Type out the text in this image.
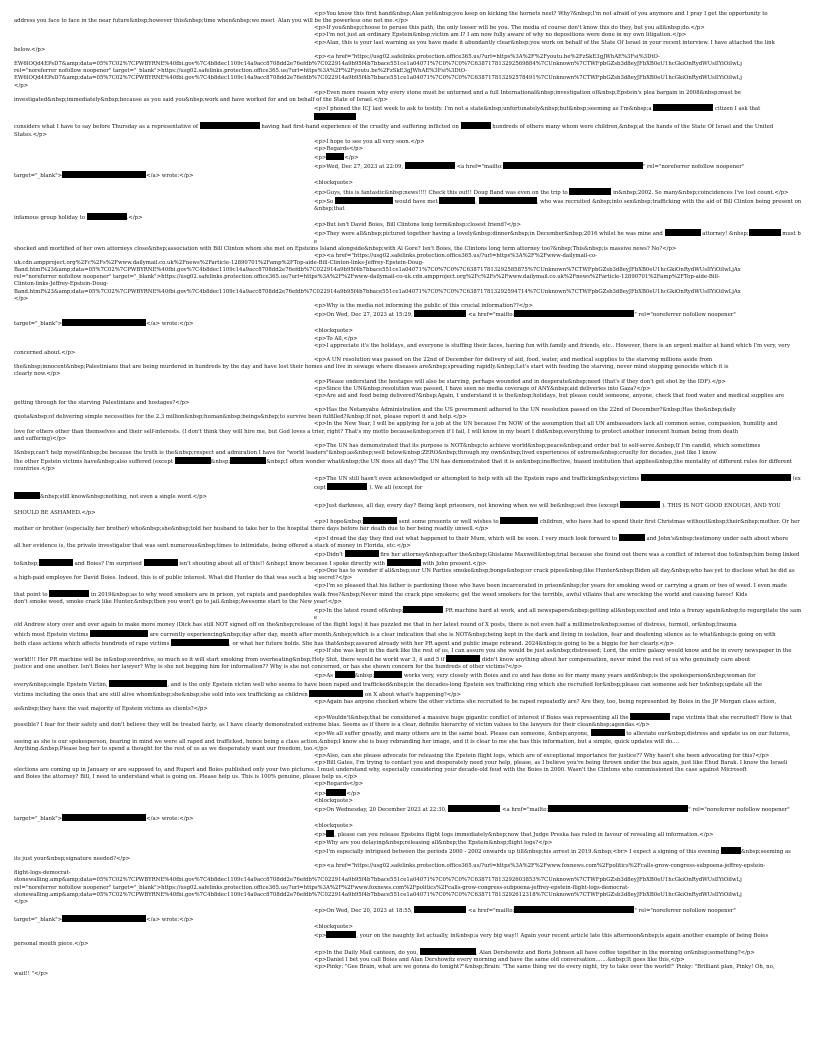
<p>You know this first hand&nbsp;Alan yet&nbsp;you keep on kicking the hornets nest? Why?&nbsp;I'm not afraid of you anymore and I pray I get the opportunity to
address you face to face in the near future&nbsp;however this&nbsp;time when&nbsp;we meet  Alan you will be the powerless one not me.</p>
<p>If you&nbsp;choose to peruse this path, the only looser will be you. The media of course don't know this do they, but you all&nbsp;do.</p>
<p>I'm not just an ordinary Epstein&nbsp;victim am I? I am now fully aware of why no depositions were done in my own litigation.</p>
<p>Alan, this is your last warning as you have made it abundantly clear&nbsp;you work on behalf of the State Of Israel in your recent interview. I have attached the link
below.</p>
<p><a href="https://usg02.safelinks.protection.office365.us/?url=https%3A%2F%2Fyoutu.be%2FzSkE3gJWhAE%3Fsi%3DtO-
EW6lOQd4EPsD7&amp;data=05%7C02%7CPWBYRNE%40fbi.gov%7C4b8dec1109c14a9acc8708dd2e76efdb%7C022914a9b95f4b7bbace551ce1a04071%7C0%7C0%7C638717813292569884%7CUnknown%7CTWFpbGZsb3d8eyJFbXB0eU1hcGkiOnRydWUsIlYiOiIwLj
rel="noreferrer nofollow noopener" target="_blank">https://usg02.safelinks.protection.office365.us/?url=https%3A%2F%2Fyoutu.be%2FzSkE3gJWhAE%3Fsi%3DtO-
EW6lOQd4EPsD7&amp;data=05%7C02%7CPWBYRNE%40fbi.gov%7C4b8dec1109c14a9acc8708dd2e76efdb%7C022914a9b95f4b7bbace551ce1a04071%7C0%7C0%7C638717813292578491%7CUnknown%7CTWFpbGZsb3d8eyJFbXB0eU1hcGkiOnRydWUsIlYiOiIwLj
</p>
<p>Even more reason why every stone must be unturned and a full International&nbsp;investigation of&nbsp;Epstein's plea bargain in 2008&nbsp;must be
investigated&nbsp;immediately&nbsp;because as you said you&nbsp;work and have worked for and on behalf of the State of Israel.</p>
<p>I phoned the ICJ last week to ask to testify. I'm not a state&nbsp;unfortunately&nbsp;but&nbsp;seeming as I'm&nbsp;a	citizen I ask that
considers what I have to say before Thursday as a representative of	having had first-hand experience of the cruelty and suffering inflicted on	hundreds of others many whom were children,&nbsp;at the hands of the State Of Israel and the United
States.</p>
<p>I hope to see you all very soon.</p>
<p>Regards</p>
<p>	</p>
<p>Wed, Dec 27, 2023 at 22:09,	<a href="mailto:	" rel="noreferrer nofollow noopener"
target="_blank">	</a> wrote:</p>
<blockquote>
<p>Guys, this is fantastic&nbsp;news!!!! Check this out!! Doug Band was even on the trip to	in&nbsp;2002. So many&nbsp;coincidences I've lost count.</p>
<p>So	would have met	,	, who was recruited &nbsp;into sex&nbsp;trafficking with the aid of Bill Clinton being present on&nbsp;that
infamous group holiday to	.</p>
<p>But isn't David Boies, Bill Clintons long term&nbsp;closest friend?</p>
<p>They were all&nbsp;pictured together having a lovely&nbsp;dinner&nbsp;in December&nbsp;2016 whilst he was mine and	attorney! &nbsp;	must be
shocked and mortified of her own attorneys close&nbsp;association with Bill Clinton whom she met on Epsteins Island alongside&nbsp;with Al Gore? Isn't Boies, the Clintons long term attorney too?&nbsp;This&nbsp;is massive news? No?</p>
<p><a href="https://usg02.safelinks.protection.office365.us/?url=https%3A%2F%2Fwww-dailymail-co-
uk.cdn.ampproject.org%2Fc%2Fs%2Fwww.dailymail.co.uk%2Fnews%2Farticle-12890701%2Famp%2FTop-aide-Bill-Clinton-links-Jeffrey-Epstein-Doug-
Band.html%23&amp;data=05%7C02%7CPWBYRNE%40fbi.gov%7C4b8dec1109c14a9acc8708dd2e76efdb%7C022914a9b95f4b7bbace551ce1a04071%7C0%7C0%7C638717813292585875%7CUnknown%7CTWFpbGZsb3d8eyJFbXB0eU1hcGkiOnRydWUsIlYiOiIwLjAx
rel="noreferrer nofollow noopener" target="_blank">https://usg02.safelinks.protection.office365.us/?url=https%3A%2F%2Fwww-dailymail-co-uk.cdn.ampproject.org%2Fc%2Fs%2Fwww.dailymail.co.uk%2Fnews%2Farticle-12890701%2Famp%2FTop-aide-Bill-
Clinton-links-Jeffrey-Epstein-Doug-
Band.html%23&amp;data=05%7C02%7CPWBYRNE%40fbi.gov%7C4b8dec1109c14a9acc8708dd2e76efdb%7C022914a9b95f4b7bbace551ce1a04071%7C0%7C0%7C638717813292594714%7CUnknown%7CTWFpbGZsb3d8eyJFbXB0eU1hcGkiOnRydWUsIlYiOiIwLjAx
</p>
<p>Why is the media not informing the public of this crucial information??</p>
<p>On Wed, Dec 27, 2023 at 15:29,	<a href="mailto:	" rel="noreferrer nofollow noopener"
target="_blank">	</a> wrote:</p>
<blockquote>
<p>To All,</p>
<p>I appreciate it's the holidays, and everyone is stuffing their faces, having fun with family and friends, etc.. However, there is an urgent matter at hand which I'm very, very
concerned about.</p>
<p>A UN resolution was passed on the 22nd of December for delivery of aid, food, water, and medical supplies to the starving millions aside from
the&nbsp;innocent&nbsp;Palestinians that are being murdered in hundreds by the day and have lost their homes and live in sewage where diseases are&nbsp;spreading rapidly.&nbsp;Let's start with feeding the starving, never mind stopping genocide which it is
clearly now.</p>
<p>Please understand the hostages will also be starving, perhaps wounded and in desperate&nbsp;need (that's if they don't get shot by the IDF).</p>
<p>Since the UN&nbsp;resolution was passed, I have seen no media coverage of ANY&nbsp;aid deliveries into Gaza?</p>
<p>Are aid and food being delivered?&nbsp;Again, I understand it is the&nbsp;holidays, but please could someone, anyone, check that food water and medical supplies are
getting through for the starving Palestinians and hostages?</p>
<p>Has the Netanyahu Administration and the US government adhered to the UN resolution passed on the 22nd of December?&nbsp;Has the&nbsp;daily
quota&nbsp;of delivering simple necessities for the 2.3 million&nbsp;human&nbsp;beings&nbsp;to survive been fulfilled?&nbsp;If not, please report it and help.</p>
<p>In the New Year, I will be applying for a job at the UN because I'm NOW of the assumption that all UN ambassadors lack all common sense, compassion, humility and
love for others other than themselves and their self-interests. (I don't think they will hire me, but God loves a trier, right? That's my motto because&nbsp;even if I fail, I will know in my heart I did&nbsp;everything to protect another innocent human being from death
and suffering)</p>
<p>The UN has demonstrated that its purpose is NOT&nbsp;to achieve world&nbsp;peace&nbsp;and order but to self-serve.&nbsp;If I'm candid, which sometimes
I&nbsp;can't help myself&nbsp;be because the truth is the&nbsp;respect and admiration I have for "world leaders"&nbsp;as&nbsp;well below&nbsp;ZERO&nbsp;through my own&nbsp;lived experiences of extreme&nbsp;cruelty for decades, just like I know
the other Epstein victims have&nbsp;also suffered (except	&nbsp;	&nbsp;I often wonder what&nbsp;the UN does all day? The UN has demonstrated that it is an&nbsp;ineffective, biased institution that applies&nbsp;the mentality of different rules for different
countries.</p>
<p>The UN still hasn't even acknowledged or attempted to help with all the Epstein rape and trafficking&nbsp;victims	(except	). We all (except for
&nbsp;still know&nbsp;nothing, not even a single word.</p>
<p>Just darkness, all day, every day? Being kept prisoners, not knowing when we will be&nbsp;set free (except	). THIS IS NOT GOOD ENOUGH, AND YOU
SHOULD BE ASHAMED.</p>
<p>I hope&nbsp;	sent some presents or well wishes to	children, who have had to spend their first Christmas without&nbsp;their&nbsp;mother. Or her
mother or brother (especially her brother) who&nbsp;she&nbsp;told her husband to take her to the hospital there days before her death due to her being readily unwell.</p>
<p>I dread the day they find out what happened to their Mum, which will be soon. I very much look forward to	and John's&nbsp;testimony under oath about where
all her evidence is, the private investigator that was sent numerous&nbsp;times to intimidate, being offered a stack of money in Florida, etc.</p>
<p>Didn't	fire her attorney&nbsp;after the&nbsp;Ghislaine Maxwell&nbsp;trial because she found out there was a conflict of interest due to&nbsp;him being linked
to&nbsp;	and Boies? I'm surprised	isn't shouting about all of this!! &nbsp;I know because I spoke directly with	with John present.</p>
<p>One has to wonder if all&nbsp;our UN Parties smoke&nbsp;bongs&nbsp;or crack pipes&nbsp;like Hunter&nbsp;Biden all day,&nbsp;who has yet to disclose what he did as
a high-paid employee for David Boies. Indeed, this is of public interest. What did Hunter do that was such a big secret?</p>
<p>I'm so pleased that his father is pardoning those who have been incarcerated in prison&nbsp;for years for smoking weed or carrying a gram or two of weed. I even made
that point to	in 2019&nbsp;as to why weed smokers are in prison, yet rapists and paedophiles walk free?&nbsp;Never mind the crack pipe smokers; get the weed smokers for the terrible, awful villains that are wrecking the world and causing havoc! Kids
don't smoke weed, smoke crack like Hunter,&nbsp;then you won't go to jail.&nbsp;Awesome start to the New year!</p>
<p>In the latest round of&nbsp;	PR machine hard at work, and all newspapers&nbsp;getting all&nbsp;excited and into a frenzy again&nbsp;to regurgitate the same
old Andrew story over and over again to make more money (Dick has still NOT signed off on the&nbsp;release of the flight logs) it has puzzled me that in her latest round of X posts, there is not even half a millimetre&nbsp;sense of distress, turmoil, or&nbsp;trauma
which most Epstein victims	are currently experiencing&nbsp;day after day, month after month,&nbsp;which is a clear indication that she is NOT&nbsp;being kept in the dark and living in isolation, fear and deafening silence as to what&nbsp;is going on with
both class actions which affects hundreds of rape victims	, or what her future holds. She has that&nbsp;assured already with her PR agent and public image rebrand. 2024&nbsp;is going to be a biggie for her clearly.</p>
<p>If she was kept in the dark like the rest of us, I can assure you she would be just as&nbsp;distressed; Lord, the entire galaxy would know and be in every newspaper in the
world!!! Her PR machine will be in&nbsp;overdrive, so much so it will start smoking from overheating&nbsp;Holy Shit, there would be world war 3, 4 and 5 if	didn't know anything about her compensation, never mind the rest of us who genuinely care about
justice and one another. Isn't Boies her lawyer? Why is she not begging him for information?? Why is she not concerned, or has she shown concern for the hundreds of other victims?</p>
<p>As	&nbsp;	works very, very closely with Boies and co and has done so for many many years and&nbsp;is the spokesperson&nbsp;woman for
every&nbsp;single Epstein Victim,	, and is the only Epstein victim well who seems to have been raped and trafficked&nbsp;in the decades-long Epstein sex trafficking ring which she recruited for&nbsp;please can someone ask her to&nbsp;update all the
victims including the ones that are still alive whom&nbsp;she&nbsp;she sold into sex trafficking as children	on X about what's happening?</p>
<p>Again has anyone checked where the other victims she recruited to be raped repeatedly are? Are they, too, being represented by Boies in the JP Morgan class action,
as&nbsp;they have the vast majority of Epstein victims as clients?</p>
<p>Wouldn't&nbsp;that be considered a massive huge gigantic conflict of interest if Boies was representing all the	rape victims that she recruited? How is that
possible? I fear for their safety and don't believe they will be treated fairly, as I have clearly demonstrated extreme bias. Seems as if there is a clear, definite hierarchy of victim values to the lawyers for their clean&nbsp;agendas.</p>
<p>We all suffer greatly, and many others are in the same boat. Please can someone, &nbsp;anyone,	to alleviate our&nbsp;distress and update us on our futures,
seeing as she is our spokesperson, bearing in mind we were all raped and trafficked, hence being a class action.&nbsp;I know she is busy rebranding her image, and it is clear to me she has this information, but a simple, quick updates will do....
Anything.&nbsp;Please beg her to spend a thought for the rest of us as we desperately want our freedom, too.</p>
<p>Also, can she please advocate for releasing the Epstein flight logs, which are of exceptional importance for justice?? Why hasn't she been advocating for this?</p>
<p>Bill Gates, I'm trying to contact you and desperately need your help, please, as I believe you're being thrown under the bus again, just like Ehud Barak. I know the Israeli
elections are coming up in January or are supposed to, and Rupert and Boies published only your two pictures. I must understand why, especially considering your decade-old feud with the Boies in 2000. Wasn't the Clintons who commissioned the case against Microsoft
and Boies the attorney? Bill, I need to understand what is going on. Please help us. This is 100% genuine, please help us.</p>
<p>Regards</p>
<p>	</p>
<blockquote>
<p>On Wednesday, 20 December 2023 at 22:30,	<a href="mailto:	" rel="noreferrer nofollow noopener"
target="_blank">	</a> wrote:</p>
<blockquote>
<p> , please can you release Epsteins flight logs immediately&nbsp;now that Judge Preska has ruled in favour of revealing all information.</p>
<p>Why are you delaying&nbsp;releasing all&nbsp;the Epstein&nbsp;flight logs?</p>
<p>I'm especially intrigued between the periods 2000 - 2002 onwards up till&nbsp;his arrest in 2019.&nbsp;<br> I expect a signing of this evening	&nbsp;seeming as
its just your&nbsp;signature needed?</p>
<p><a href="https://usg02.safelinks.protection.office365.us/?url=https%3A%2F%2Fwww.foxnews.com%2Fpolitics%2Fcalls-grow-congress-subpoena-jeffrey-epstein-
flight-logs-democrat-
stonewalling.amp&amp;data=05%7C02%7CPWBYRNE%40fbi.gov%7C4b8dec1109c14a9acc8708dd2e76efdb%7C022914a9b95f4b7bbace551ce1a04071%7C0%7C0%7C638717813292603853%7CUnknown%7CTWFpbGZsb3d8eyJFbXB0eU1hcGkiOnRydWUsIlYiOiIwLj
rel="noreferrer nofollow noopener" target="_blank">https://usg02.safelinks.protection.office365.us/?url=https%3A%2F%2Fwww.foxnews.com%2Fpolitics%2Fcalls-grow-congress-subpoena-jeffrey-epstein-flight-logs-democrat-
stonewalling.amp&amp;data=05%7C02%7CPWBYRNE%40fbi.gov%7C4b8dec1109c14a9acc8708dd2e76efdb%7C022914a9b95f4b7bbace551ce1a04071%7C0%7C0%7C638717813292612318%7CUnknown%7CTWFpbGZsb3d8eyJFbXB0eU1hcGkiOnRydWUsIlYiOiIwLj
</p>
<p>On Wed, Dec 20, 2023 at 18:55,	<a href="mailto:	" rel="noreferrer nofollow noopener"
target="_blank">	</a> wrote:</p>
<blockquote>
<p>	, your on the naughty list actually, in&nbsp;a very big way!! Again your recent article late this afternoon&nbsp;is again another example of being Boies
personal mouth piece.</p>
<p>In the Daily Mail canteen, do you,	, Alan Dershowitz and Boris Johnson all have coffee together in the morning or&nbsp;something?</p>
<p>Daniel I bet you call Boies and Alan Dershowitz every morning and have the same old conversation.......&nbsp;It goes like this,</p>
<p>Pinky: "Gee Brain, what are we gonna do tonight?"&nbsp;Brain: "The same thing we do every night, try to take over the world!" Pinky: "Brilliant plan, Pinky! Oh, no,
wait!! "</p>
